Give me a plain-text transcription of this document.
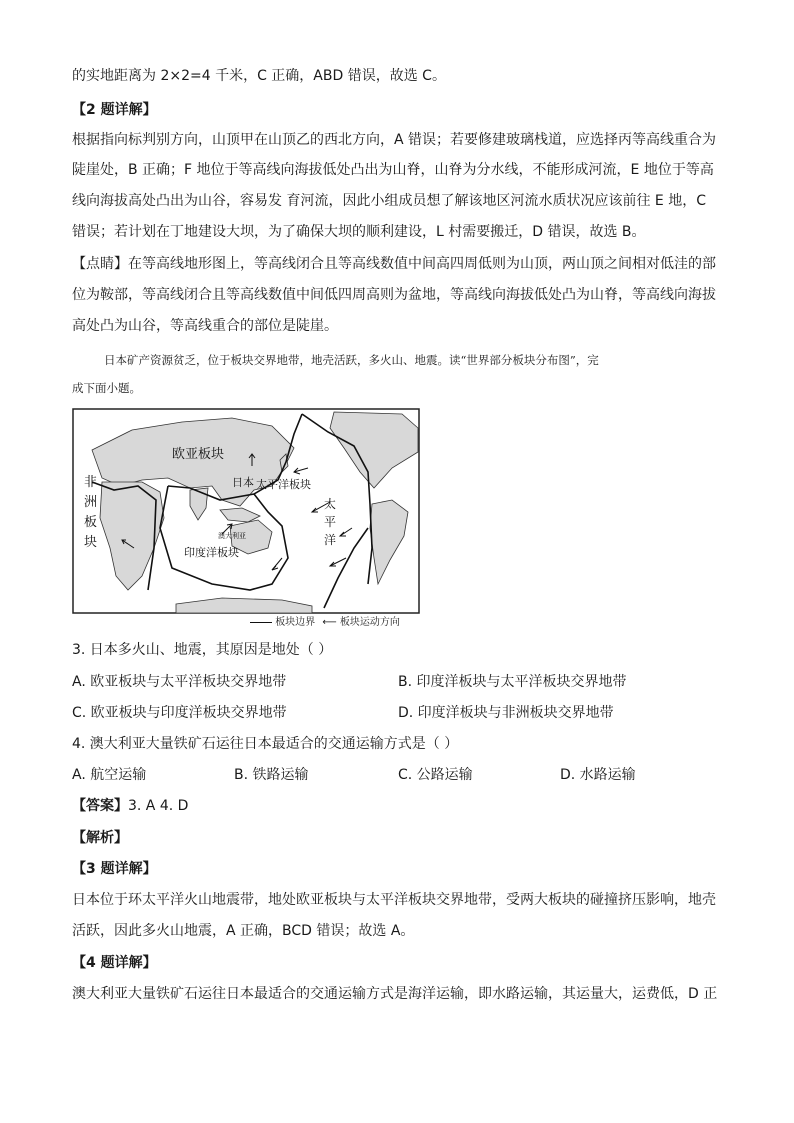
的实地距离为 2×2=4 千米，C 正确，ABD 错误，故选 C。
【2 题详解】
根据指向标判别方向，山顶甲在山顶乙的西北方向，A 错误；若要修建玻璃栈道，应选择丙等高线重合为
陡崖处，B 正确；F 地位于等高线向海拔低处凸出为山脊，山脊为分水线，不能形成河流，E 地位于等高
线向海拔高处凸出为山谷，容易发 育河流，因此小组成员想了解该地区河流水质状况应该前往 E 地，C
错误；若计划在丁地建设大坝，为了确保大坝的顺利建设，L 村需要搬迁，D 错误，故选 B。
【点睛】在等高线地形图上，等高线闭合且等高线数值中间高四周低则为山顶，两山顶之间相对低洼的部
位为鞍部，等高线闭合且等高线数值中间低四周高则为盆地，等高线向海拔低处凸为山脊，等高线向海拔
高处凸为山谷，等高线重合的部位是陡崖。
日本矿产资源贫乏，位于板块交界地带，地壳活跃，多火山、地震。读“世界部分板块分布图”，完
成下面小题。
欧亚板块
日本 太平洋板块
非
洲
板
块	澳大利亚
印度洋板块
太
平
洋
板块边界 ⟵ 板块运动方向
3. 日本多火山、地震，其原因是地处（ ）
A. 欧亚板块与太平洋板块交界地带	B. 印度洋板块与太平洋板块交界地带
C. 欧亚板块与印度洋板块交界地带	D. 印度洋板块与非洲板块交界地带
4. 澳大利亚大量铁矿石运往日本最适合的交通运输方式是（ ）
A. 航空运输	B. 铁路运输	C. 公路运输	D. 水路运输
【答案】3. A 4. D
【解析】
【3 题详解】
日本位于环太平洋火山地震带，地处欧亚板块与太平洋板块交界地带，受两大板块的碰撞挤压影响，地壳
活跃，因此多火山地震，A 正确，BCD 错误；故选 A。
【4 题详解】
澳大利亚大量铁矿石运往日本最适合的交通运输方式是海洋运输，即水路运输，其运量大，运费低，D 正
